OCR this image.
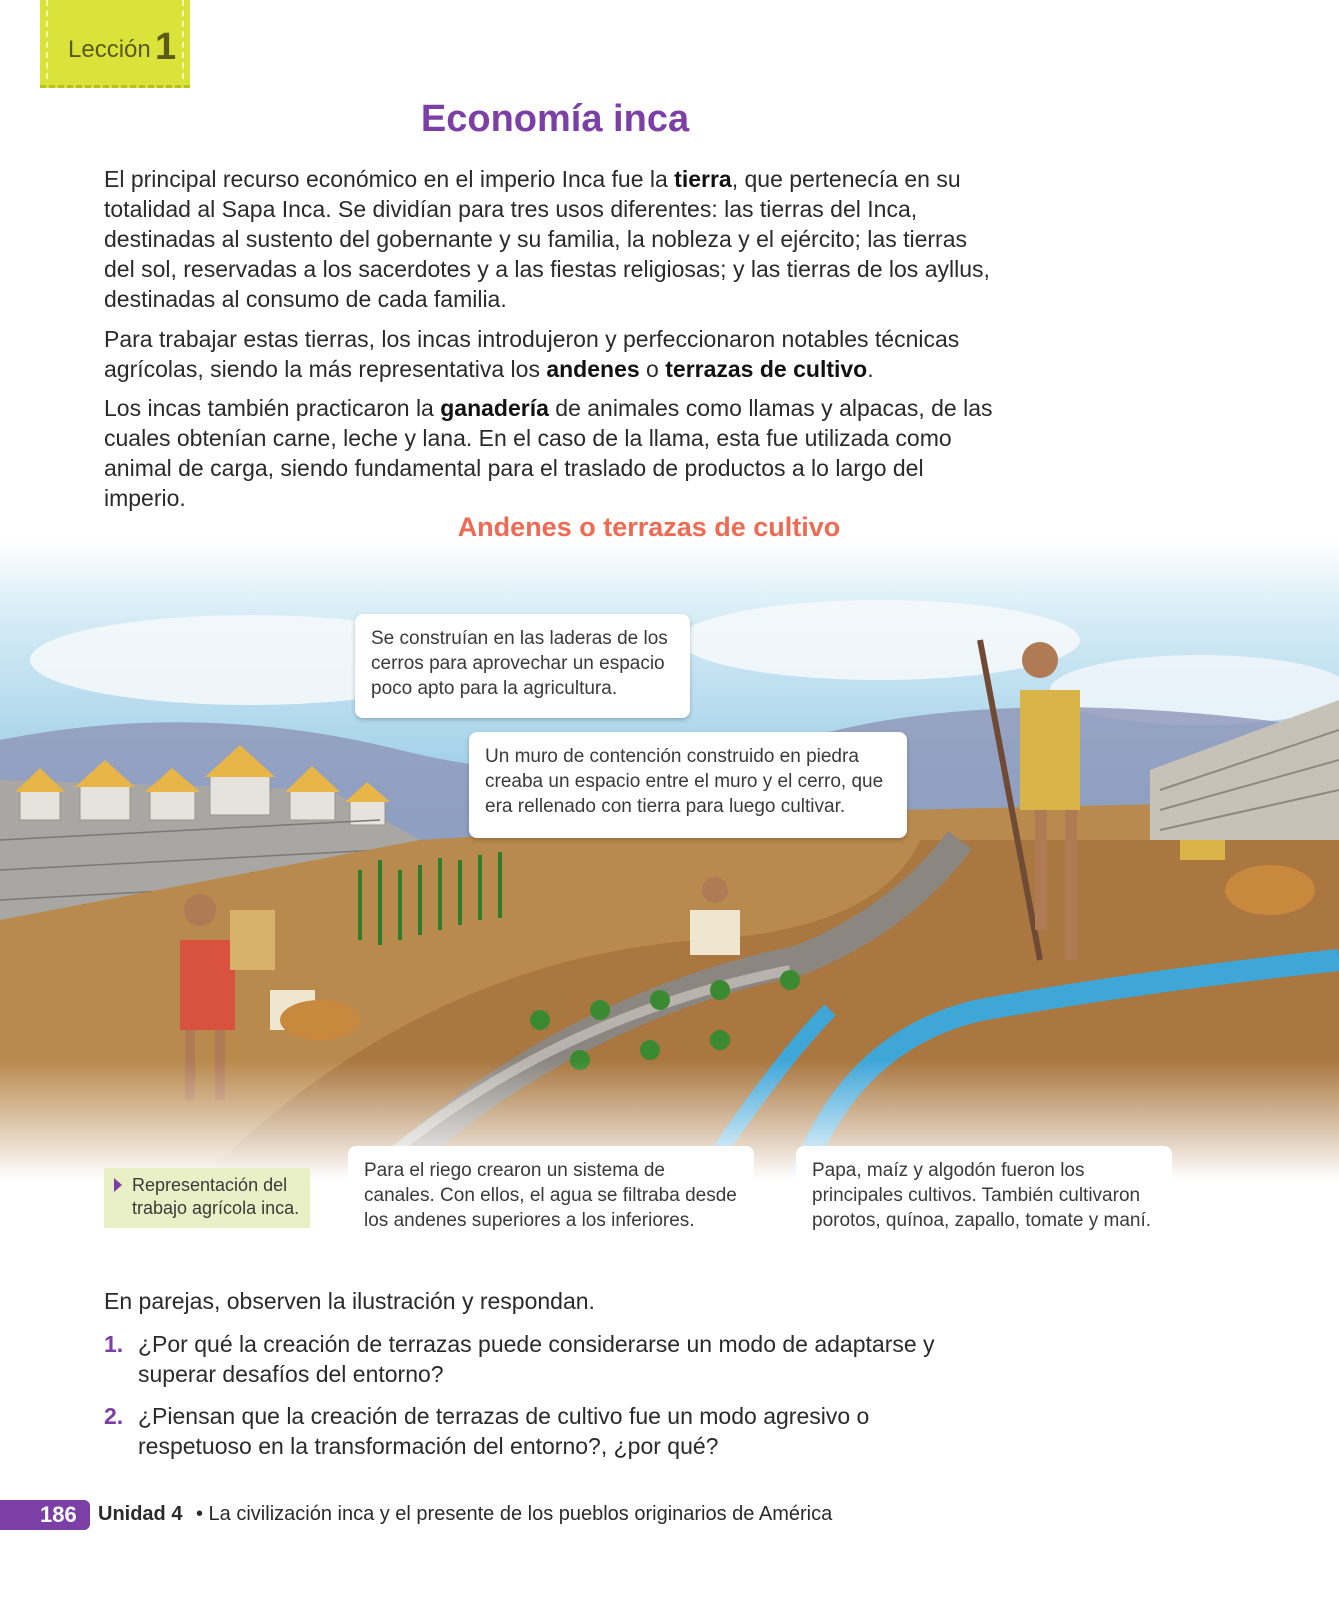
Lección 1
Economía inca

El principal recurso económico en el imperio Inca fue la tierra, que pertenecía en su totalidad al Sapa Inca. Se dividían para tres usos diferentes: las tierras del Inca, destinadas al sustento del gobernante y su familia, la nobleza y el ejército; las tierras del sol, reservadas a los sacerdotes y a las fiestas religiosas; y las tierras de los ayllus, destinadas al consumo de cada familia.

Para trabajar estas tierras, los incas introdujeron y perfeccionaron notables técnicas agrícolas, siendo la más representativa los andenes o terrazas de cultivo.

Los incas también practicaron la ganadería de animales como llamas y alpacas, de las cuales obtenían carne, leche y lana. En el caso de la llama, esta fue utilizada como animal de carga, siendo fundamental para el traslado de productos a lo largo del imperio.

Andenes o terrazas de cultivo
Se construían en las laderas de los cerros para aprovechar un espacio poco apto para la agricultura.
Un muro de contención construido en piedra creaba un espacio entre el muro y el cerro, que era rellenado con tierra para luego cultivar.
Para el riego crearon un sistema de canales. Con ellos, el agua se filtraba desde los andenes superiores a los inferiores.
Papa, maíz y algodón fueron los principales cultivos. También cultivaron porotos, quínoa, zapallo, tomate y maní.
Representación del trabajo agrícola inca.
En parejas, observen la ilustración y respondan.
1. ¿Por qué la creación de terrazas puede considerarse un modo de adaptarse y superar desafíos del entorno?
2. ¿Piensan que la creación de terrazas de cultivo fue un modo agresivo o respetuoso en la transformación del entorno?, ¿por qué?
186 Unidad 4 • La civilización inca y el presente de los pueblos originarios de América
